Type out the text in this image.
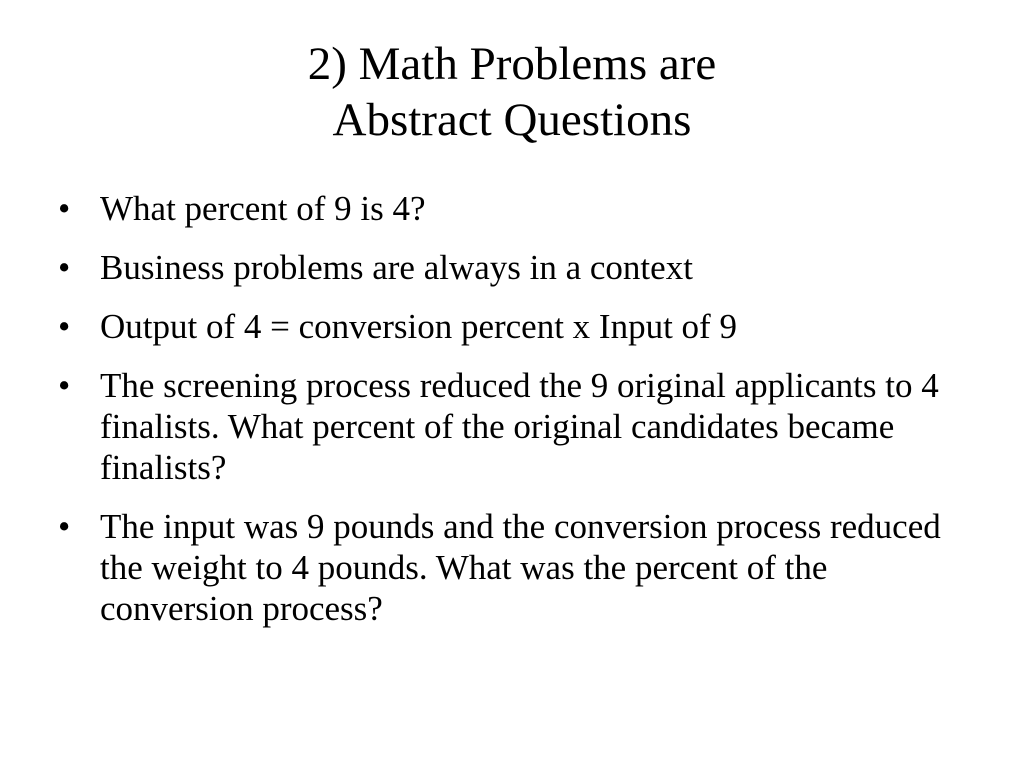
2) Math Problems are
Abstract Questions
• What percent of 9 is 4?
• Business problems are always in a context
• Output of 4 = conversion percent x Input of 9
• The screening process reduced the 9 original applicants to 4 finalists. What percent of the original candidates became finalists?
• The input was 9 pounds and the conversion process reduced the weight to 4 pounds. What was the percent of the conversion process?
